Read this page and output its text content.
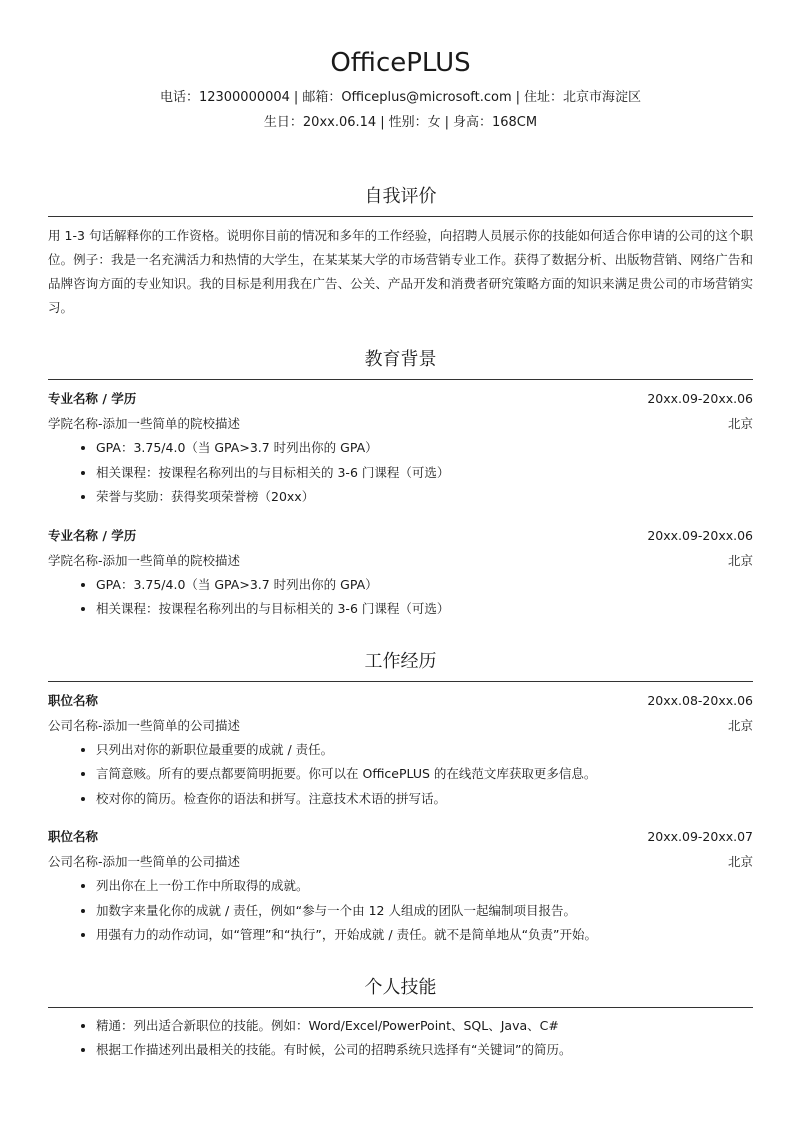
OfficePLUS
电话：12300000004 | 邮箱：Officeplus@microsoft.com | 住址：北京市海淀区
生日：20xx.06.14 | 性别：女 | 身高：168CM
自我评价
用 1-3 句话解释你的工作资格。说明你目前的情况和多年的工作经验，向招聘人员展示你的技能如何适合你申请的公司的这个职位。例子：我是一名充满活力和热情的大学生，在某某某大学的市场营销专业工作。获得了数据分析、出版物营销、网络广告和品牌咨询方面的专业知识。我的目标是利用我在广告、公关、产品开发和消费者研究策略方面的知识来满足贵公司的市场营销实习。
教育背景
专业名称 / 学历	20xx.09-20xx.06
学院名称-添加一些简单的院校描述	北京
• GPA：3.75/4.0（当 GPA>3.7 时列出你的 GPA）
• 相关课程：按课程名称列出的与目标相关的 3-6 门课程（可选）
• 荣誉与奖励：获得奖项荣誉榜（20xx）
专业名称 / 学历	20xx.09-20xx.06
学院名称-添加一些简单的院校描述	北京
• GPA：3.75/4.0（当 GPA>3.7 时列出你的 GPA）
• 相关课程：按课程名称列出的与目标相关的 3-6 门课程（可选）
工作经历
职位名称	20xx.08-20xx.06
公司名称-添加一些简单的公司描述	北京
• 只列出对你的新职位最重要的成就 / 责任。
• 言简意赅。所有的要点都要简明扼要。你可以在 OfficePLUS 的在线范文库获取更多信息。
• 校对你的简历。检查你的语法和拼写。注意技术术语的拼写话。
职位名称	20xx.09-20xx.07
公司名称-添加一些简单的公司描述	北京
• 列出你在上一份工作中所取得的成就。
• 加数字来量化你的成就 / 责任，例如“参与一个由 12 人组成的团队一起编制项目报告。
• 用强有力的动作动词，如“管理”和“执行”，开始成就 / 责任。就不是简单地从“负责”开始。
个人技能
• 精通：列出适合新职位的技能。例如：Word/Excel/PowerPoint、SQL、Java、C#
• 根据工作描述列出最相关的技能。有时候，公司的招聘系统只选择有“关键词”的简历。
